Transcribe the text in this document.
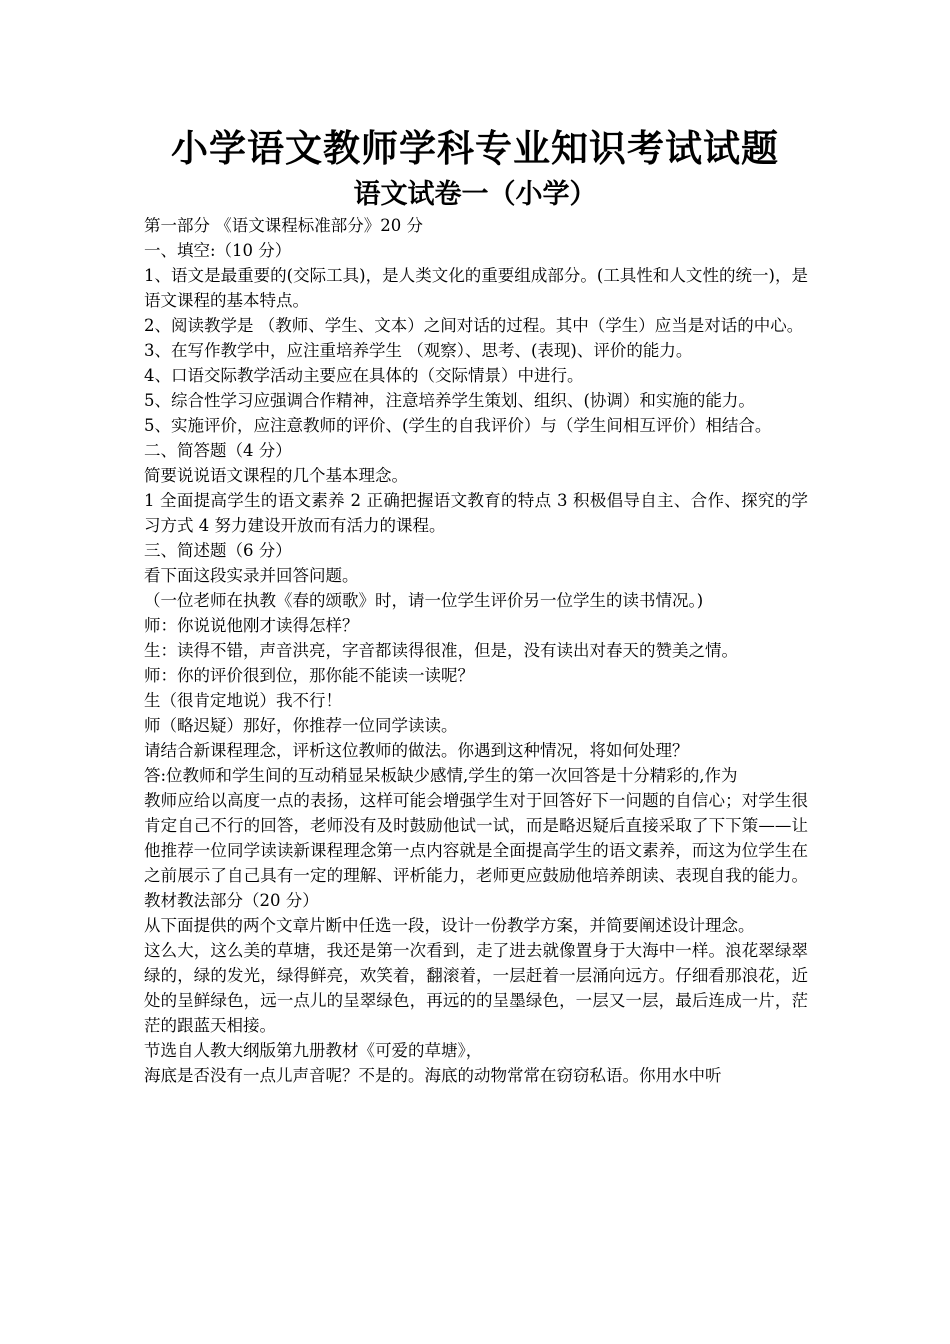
小学语文教师学科专业知识考试试题
语文试卷一（小学）

第一部分 《语文课程标准部分》20 分

一、填空:（10 分）

1、语文是最重要的(交际工具)，是人类文化的重要组成部分。(工具性和人文性的统一)，是语文课程的基本特点。

2、阅读教学是 （教师、学生、文本）之间对话的过程。其中（学生）应当是对话的中心。

3、在写作教学中，应注重培养学生 （观察）、思考、(表现)、评价的能力。

4、口语交际教学活动主要应在具体的（交际情景）中进行。

5、综合性学习应强调合作精神，注意培养学生策划、组织、(协调）和实施的能力。

5、实施评价，应注意教师的评价、(学生的自我评价）与（学生间相互评价）相结合。

二、简答题（4 分）

简要说说语文课程的几个基本理念。

1 全面提高学生的语文素养 2 正确把握语文教育的特点 3 积极倡导自主、合作、探究的学习方式 4 努力建设开放而有活力的课程。

三、简述题（6 分）

看下面这段实录并回答问题。

（一位老师在执教《春的颂歌》时，请一位学生评价另一位学生的读书情况。)

师：你说说他刚才读得怎样？

生：读得不错，声音洪亮，字音都读得很准，但是，没有读出对春天的赞美之情。

师：你的评价很到位，那你能不能读一读呢？

生（很肯定地说）我不行！

师（略迟疑）那好，你推荐一位同学读读。

请结合新课程理念，评析这位教师的做法。你遇到这种情况，将如何处理？

答:位教师和学生间的互动稍显呆板缺少感情,学生的第一次回答是十分精彩的,作为

教师应给以高度一点的表扬，这样可能会增强学生对于回答好下一问题的自信心；对学生很肯定自己不行的回答，老师没有及时鼓励他试一试，而是略迟疑后直接采取了下下策——让他推荐一位同学读读新课程理念第一点内容就是全面提高学生的语文素养，而这为位学生在之前展示了自己具有一定的理解、评析能力，老师更应鼓励他培养朗读、表现自我的能力。教材教法部分（20 分）

从下面提供的两个文章片断中任选一段，设计一份教学方案，并简要阐述设计理念。

这么大，这么美的草塘，我还是第一次看到，走了进去就像置身于大海中一样。浪花翠绿翠绿的，绿的发光，绿得鲜亮，欢笑着，翻滚着，一层赶着一层涌向远方。仔细看那浪花，近处的呈鲜绿色，远一点儿的呈翠绿色，再远的的呈墨绿色，一层又一层，最后连成一片，茫茫的跟蓝天相接。

节选自人教大纲版第九册教材《可爱的草塘》，

海底是否没有一点儿声音呢？不是的。海底的动物常常在窃窃私语。你用水中听
